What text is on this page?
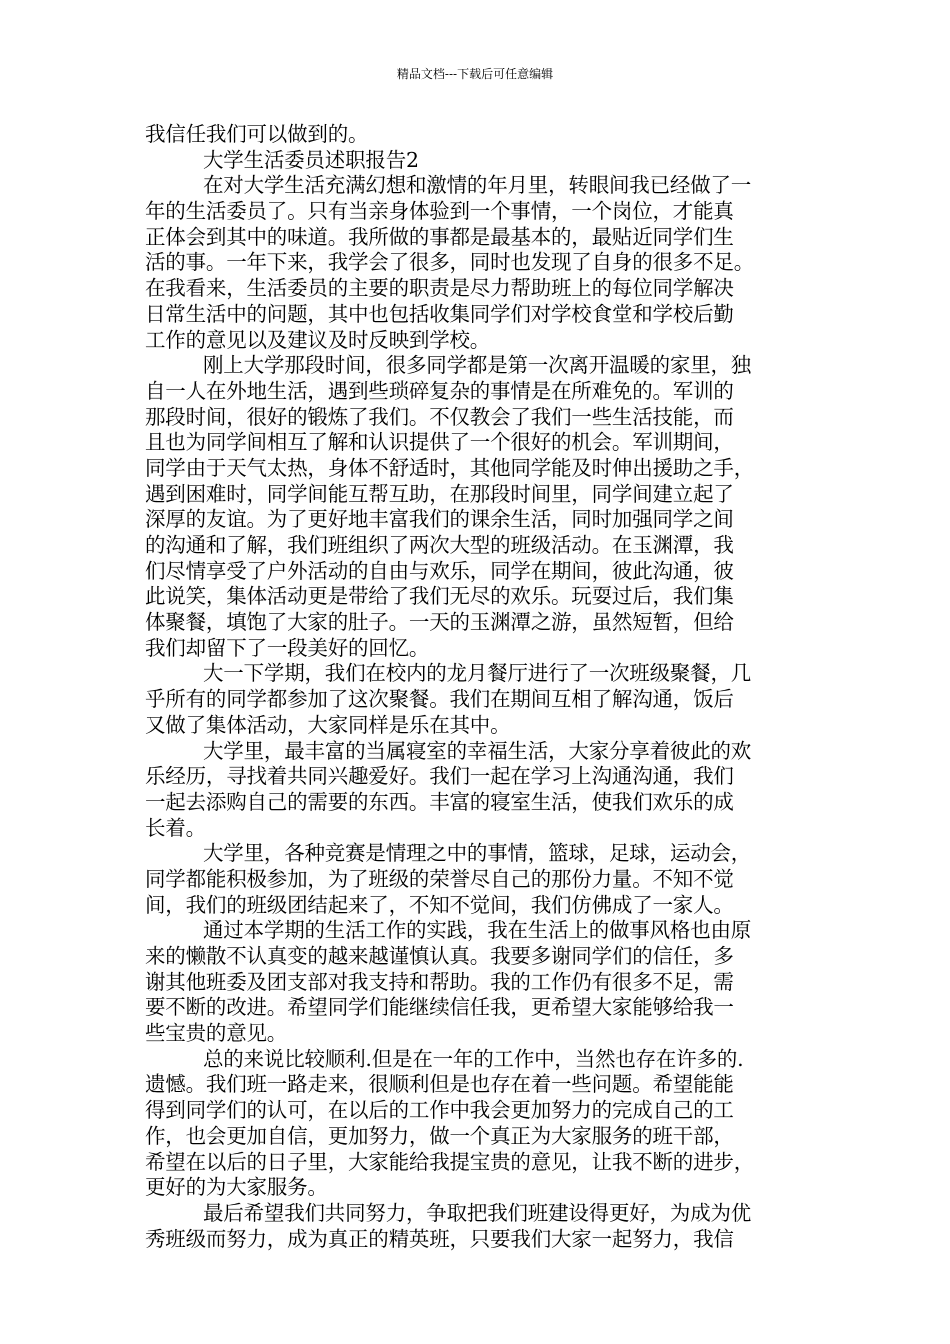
精品文档---下载后可任意编辑
我信任我们可以做到的。
大学生活委员述职报告2
在对大学生活充满幻想和激情的年月里，转眼间我已经做了一
年的生活委员了。只有当亲身体验到一个事情，一个岗位，才能真
正体会到其中的味道。我所做的事都是最基本的，最贴近同学们生
活的事。一年下来，我学会了很多，同时也发现了自身的很多不足。
在我看来，生活委员的主要的职责是尽力帮助班上的每位同学解决
日常生活中的问题，其中也包括收集同学们对学校食堂和学校后勤
工作的意见以及建议及时反映到学校。
刚上大学那段时间，很多同学都是第一次离开温暖的家里，独
自一人在外地生活，遇到些琐碎复杂的事情是在所难免的。军训的
那段时间，很好的锻炼了我们。不仅教会了我们一些生活技能，而
且也为同学间相互了解和认识提供了一个很好的机会。军训期间，
同学由于天气太热，身体不舒适时，其他同学能及时伸出援助之手，
遇到困难时，同学间能互帮互助，在那段时间里，同学间建立起了
深厚的友谊。为了更好地丰富我们的课余生活，同时加强同学之间
的沟通和了解，我们班组织了两次大型的班级活动。在玉渊潭，我
们尽情享受了户外活动的自由与欢乐，同学在期间，彼此沟通，彼
此说笑，集体活动更是带给了我们无尽的欢乐。玩耍过后，我们集
体聚餐，填饱了大家的肚子。一天的玉渊潭之游，虽然短暂，但给
我们却留下了一段美好的回忆。
大一下学期，我们在校内的龙月餐厅进行了一次班级聚餐，几
乎所有的同学都参加了这次聚餐。我们在期间互相了解沟通，饭后
又做了集体活动，大家同样是乐在其中。
大学里，最丰富的当属寝室的幸福生活，大家分享着彼此的欢
乐经历，寻找着共同兴趣爱好。我们一起在学习上沟通沟通，我们
一起去添购自己的需要的东西。丰富的寝室生活，使我们欢乐的成
长着。
大学里，各种竞赛是情理之中的事情，篮球，足球，运动会，
同学都能积极参加，为了班级的荣誉尽自己的那份力量。不知不觉
间，我们的班级团结起来了，不知不觉间，我们仿佛成了一家人。
通过本学期的生活工作的实践，我在生活上的做事风格也由原
来的懒散不认真变的越来越谨慎认真。我要多谢同学们的信任，多
谢其他班委及团支部对我支持和帮助。我的工作仍有很多不足，需
要不断的改进。希望同学们能继续信任我，更希望大家能够给我一
些宝贵的意见。
总的来说比较顺利.但是在一年的工作中，当然也存在许多的.
遗憾。我们班一路走来，很顺利但是也存在着一些问题。希望能能
得到同学们的认可，在以后的工作中我会更加努力的完成自己的工
作，也会更加自信，更加努力，做一个真正为大家服务的班干部，
希望在以后的日子里，大家能给我提宝贵的意见，让我不断的进步，
更好的为大家服务。
最后希望我们共同努力，争取把我们班建设得更好，为成为优
秀班级而努力，成为真正的精英班，只要我们大家一起努力，我信
